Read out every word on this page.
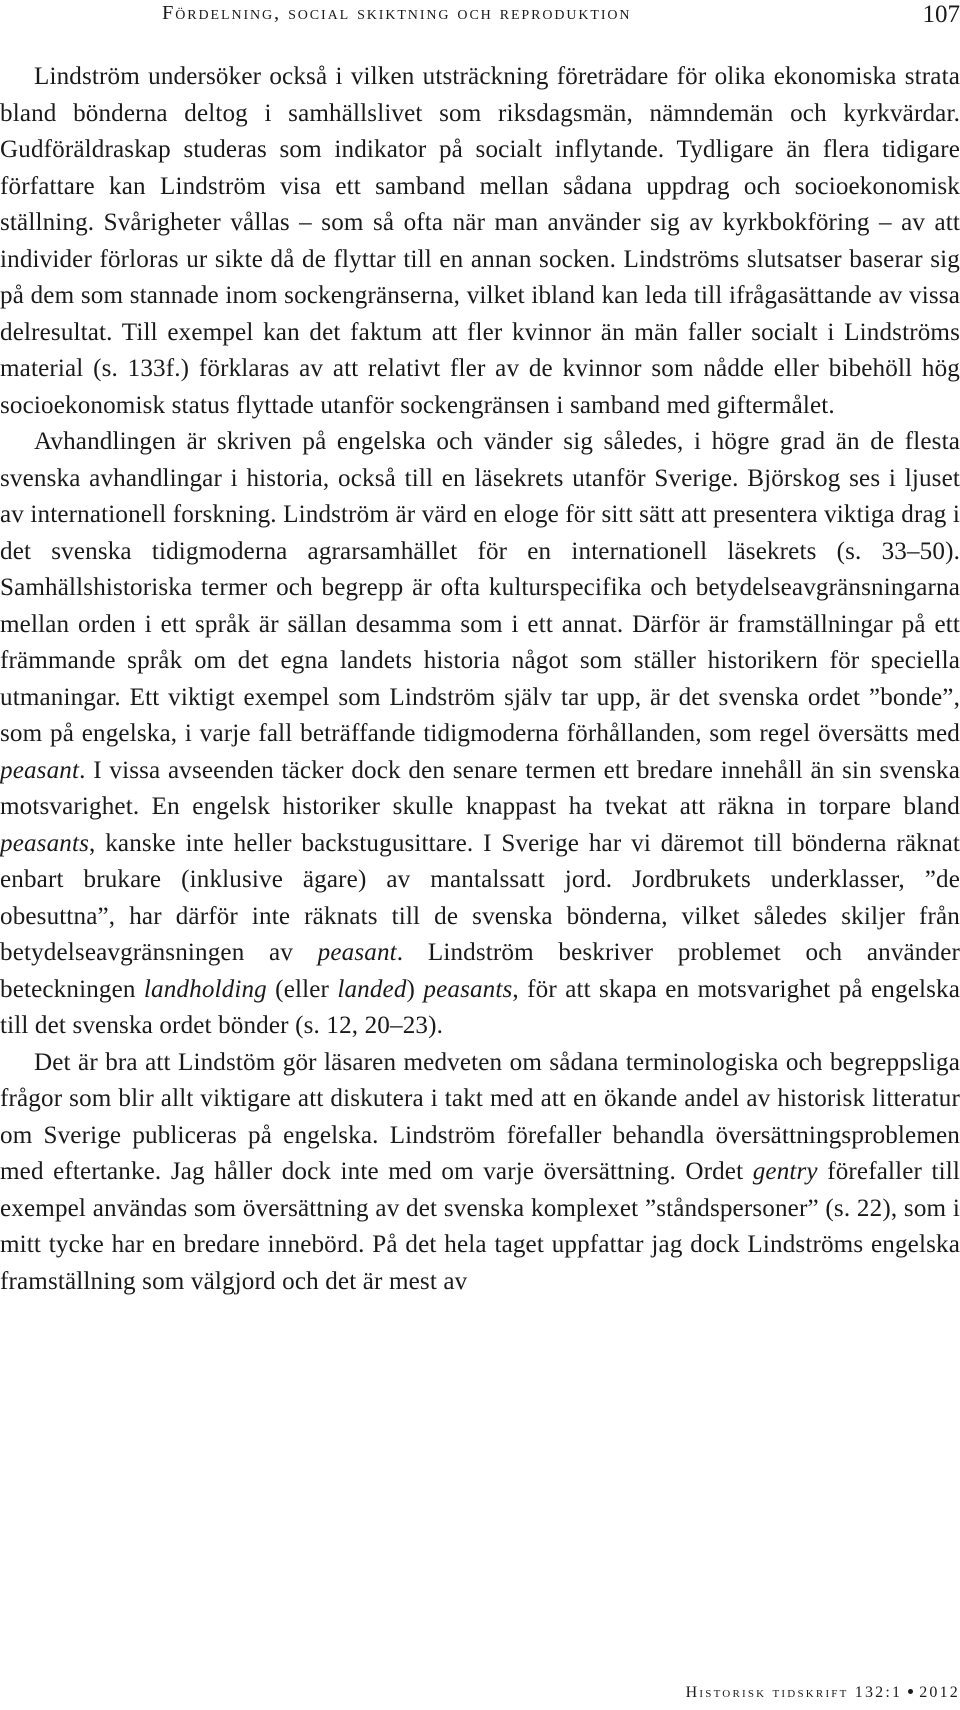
Fördelning, social skiktning och reproduktion	107

Lindström undersöker också i vilken utsträckning företrädare för olika ekonomiska strata bland bönderna deltog i samhällslivet som riksdagsmän, nämndemän och kyrkvärdar. Gudföräldraskap studeras som indikator på socialt inflytande. Tydligare än flera tidigare författare kan Lindström visa ett samband mellan sådana uppdrag och socioekonomisk ställning. Svårigheter vållas – som så ofta när man använder sig av kyrkbokföring – av att individer förloras ur sikte då de flyttar till en annan socken. Lindströms slutsatser baserar sig på dem som stannade inom sockengränserna, vilket ibland kan leda till ifrågasättande av vissa delresultat. Till exempel kan det faktum att fler kvinnor än män faller socialt i Lindströms material (s. 133f.) förklaras av att relativt fler av de kvinnor som nådde eller bibehöll hög socioekonomisk status flyttade utanför sockengränsen i samband med giftermålet.

Avhandlingen är skriven på engelska och vänder sig således, i högre grad än de flesta svenska avhandlingar i historia, också till en läsekrets utanför Sverige. Björskog ses i ljuset av internationell forskning. Lindström är värd en eloge för sitt sätt att presentera viktiga drag i det svenska tidigmoderna agrarsamhället för en internationell läsekrets (s. 33–50). Samhällshistoriska termer och begrepp är ofta kulturspecifika och betydelseavgränsningarna mellan orden i ett språk är sällan desamma som i ett annat. Därför är framställningar på ett främmande språk om det egna landets historia något som ställer historikern för speciella utmaningar. Ett viktigt exempel som Lindström själv tar upp, är det svenska ordet ”bonde”, som på engelska, i varje fall beträffande tidigmoderna förhållanden, som regel översätts med peasant. I vissa avseenden täcker dock den senare termen ett bredare innehåll än sin svenska motsvarighet. En engelsk historiker skulle knappast ha tvekat att räkna in torpare bland peasants, kanske inte heller backstugusittare. I Sverige har vi däremot till bönderna räknat enbart brukare (inklusive ägare) av mantalssatt jord. Jordbrukets underklasser, ”de obesuttna”, har därför inte räknats till de svenska bönderna, vilket således skiljer från betydelseavgränsningen av peasant. Lindström beskriver problemet och använder beteckningen landholding (eller landed) peasants, för att skapa en motsvarighet på engelska till det svenska ordet bönder (s. 12, 20–23).

Det är bra att Lindstöm gör läsaren medveten om sådana terminologiska och begreppsliga frågor som blir allt viktigare att diskutera i takt med att en ökande andel av historisk litteratur om Sverige publiceras på engelska. Lindström förefaller behandla översättningsproblemen med eftertanke. Jag håller dock inte med om varje översättning. Ordet gentry förefaller till exempel användas som översättning av det svenska komplexet ”ståndspersoner” (s. 22), som i mitt tycke har en bredare innebörd. På det hela taget uppfattar jag dock Lindströms engelska framställning som välgjord och det är mest av

Historisk tidskrift 132:1 2012
